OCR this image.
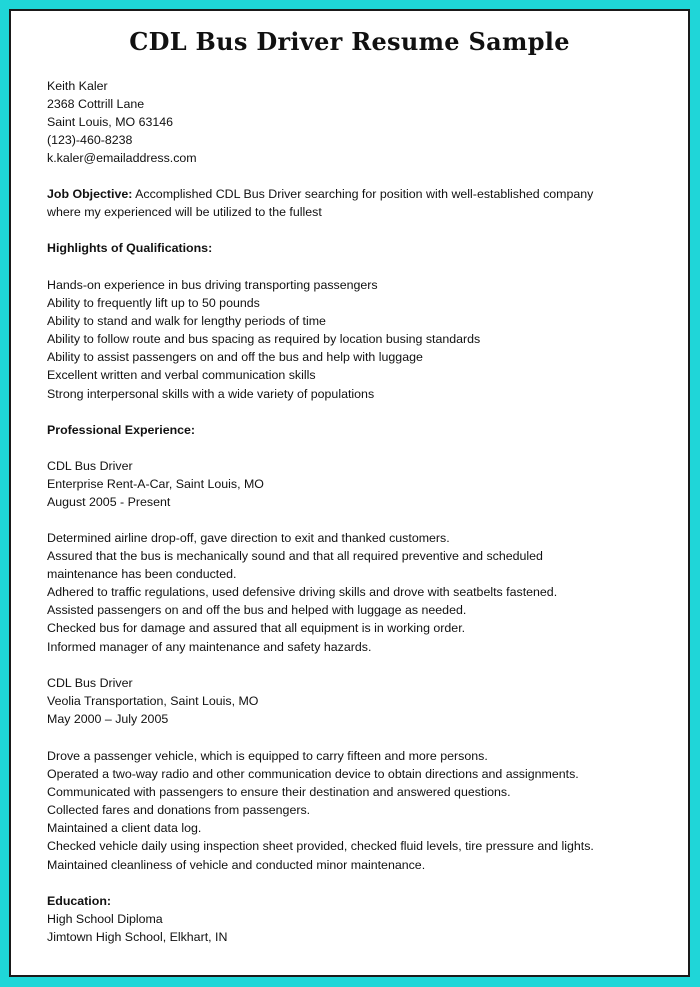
CDL Bus Driver Resume Sample
Keith Kaler
2368 Cottrill Lane
Saint Louis, MO 63146
(123)-460-8238
k.kaler@emailaddress.com
Job Objective: Accomplished CDL Bus Driver searching for position with well-established company
where my experienced will be utilized to the fullest
Highlights of Qualifications:
Hands-on experience in bus driving transporting passengers
Ability to frequently lift up to 50 pounds
Ability to stand and walk for lengthy periods of time
Ability to follow route and bus spacing as required by location busing standards
Ability to assist passengers on and off the bus and help with luggage
Excellent written and verbal communication skills
Strong interpersonal skills with a wide variety of populations
Professional Experience:
CDL Bus Driver
Enterprise Rent-A-Car, Saint Louis, MO
August 2005 - Present
Determined airline drop-off, gave direction to exit and thanked customers.
Assured that the bus is mechanically sound and that all required preventive and scheduled
maintenance has been conducted.
Adhered to traffic regulations, used defensive driving skills and drove with seatbelts fastened.
Assisted passengers on and off the bus and helped with luggage as needed.
Checked bus for damage and assured that all equipment is in working order.
Informed manager of any maintenance and safety hazards.
CDL Bus Driver
Veolia Transportation, Saint Louis, MO
May 2000 – July 2005
Drove a passenger vehicle, which is equipped to carry fifteen and more persons.
Operated a two-way radio and other communication device to obtain directions and assignments.
Communicated with passengers to ensure their destination and answered questions.
Collected fares and donations from passengers.
Maintained a client data log.
Checked vehicle daily using inspection sheet provided, checked fluid levels, tire pressure and lights.
Maintained cleanliness of vehicle and conducted minor maintenance.
Education:
High School Diploma
Jimtown High School, Elkhart, IN
